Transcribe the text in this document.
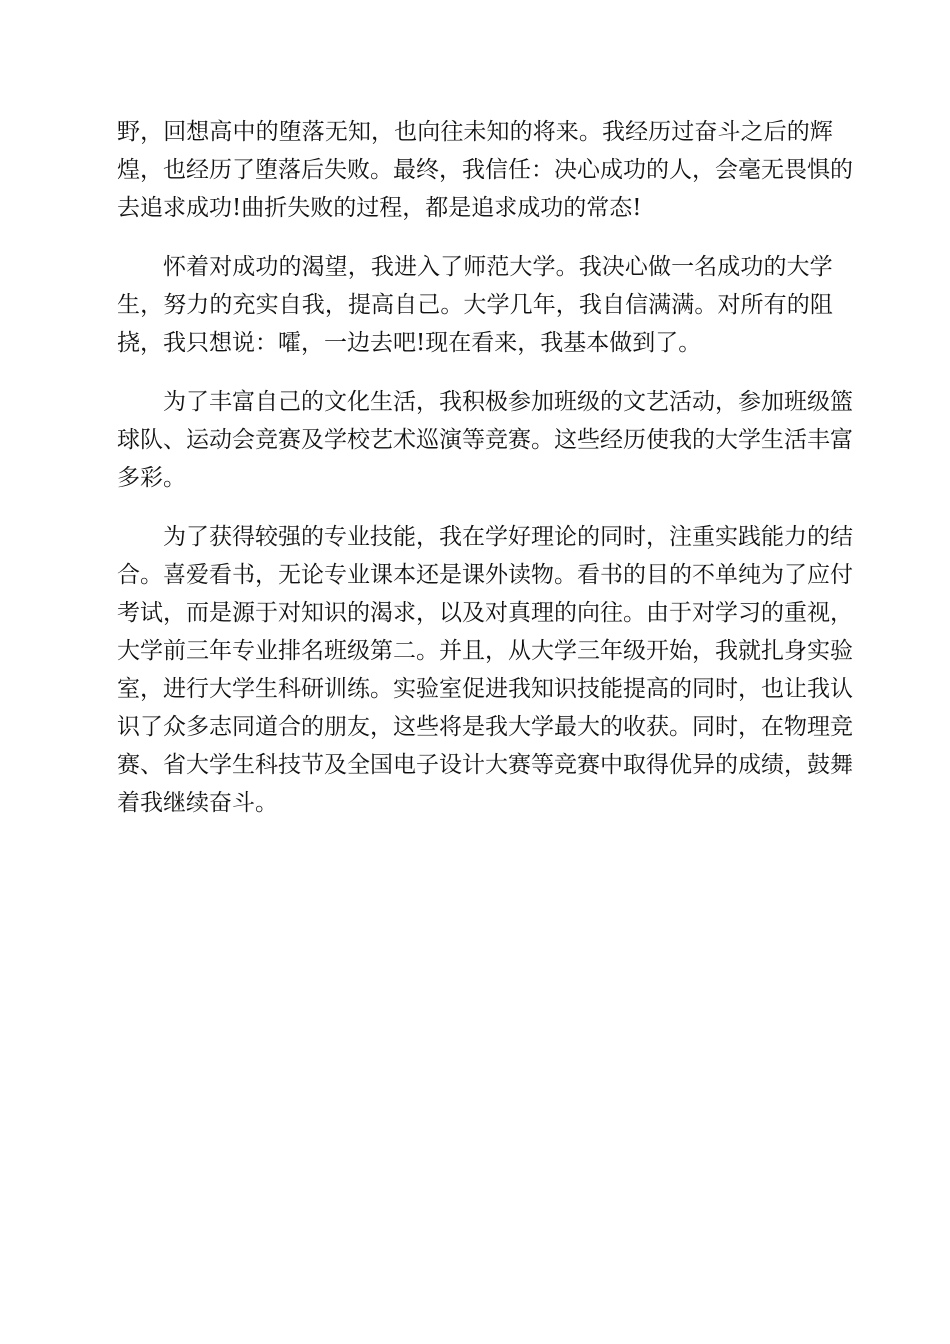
野 ， 回 想 高 中 的 堕 落 无 知 ， 也 向 往 未 知 的 将 来 。 我 经 历 过 奋 斗 之 后 的 辉
煌 ， 也 经 历 了 堕 落 后 失 败 。 最 终 ， 我 信 任 ： 决 心 成 功 的 人 ， 会 毫 无 畏 惧 的
去追求成功!曲折失败的过程，都是追求成功的常态!
怀 着 对 成 功 的 渴 望 ， 我 进 入 了 师 范 大 学 。 我 决 心 做 一 名 成 功 的 大 学
生 ， 努 力 的 充 实 自 我 ， 提 高 自 己 。 大 学 几 年 ， 我 自 信 满 满 。 对 所 有 的 阻
挠，我只想说：嚯，一边去吧!现在看来，我基本做到了。
为 了 丰 富 自 己 的 文 化 生 活 ， 我 积 极 参 加 班 级 的 文 艺 活 动 ， 参 加 班 级 篮
球 队 、 运 动 会 竞 赛 及 学 校 艺 术 巡 演 等 竞 赛 。 这 些 经 历 使 我 的 大 学 生 活 丰 富
多彩。
为 了 获 得 较 强 的 专 业 技 能 ， 我 在 学 好 理 论 的 同 时 ， 注 重 实 践 能 力 的 结
合 。 喜 爱 看 书 ， 无 论 专 业 课 本 还 是 课 外 读 物 。 看 书 的 目 的 不 单 纯 为 了 应 付
考 试 ， 而 是 源 于 对 知 识 的 渴 求 ， 以 及 对 真 理 的 向 往 。 由 于 对 学 习 的 重 视 ，
大 学 前 三 年 专 业 排 名 班 级 第 二 。 并 且 ， 从 大 学 三 年 级 开 始 ， 我 就 扎 身 实 验
室 ， 进 行 大 学 生 科 研 训 练 。 实 验 室 促 进 我 知 识 技 能 提 高 的 同 时 ， 也 让 我 认
识 了 众 多 志 同 道 合 的 朋 友 ， 这 些 将 是 我 大 学 最 大 的 收 获 。 同 时 ， 在 物 理 竞
赛 、 省 大 学 生 科 技 节 及 全 国 电 子 设 计 大 赛 等 竞 赛 中 取 得 优 异 的 成 绩 ， 鼓 舞
着我继续奋斗。
